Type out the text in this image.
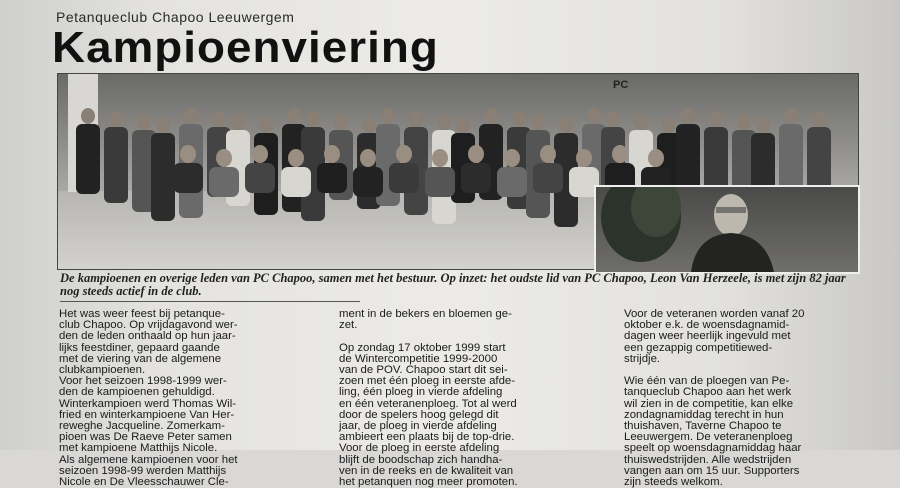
Petanqueclub Chapoo Leeuwergem
Kampioenviering
PC
De kampioenen en overige leden van PC Chapoo, samen met het bestuur. Op inzet: het oudste lid van PC Chapoo, Leon Van Herzeele, is met zijn 82 jaar nog steeds actief in de club.
Het was weer feest bij petanque-
club Chapoo. Op vrijdagavond wer-
den de leden onthaald op hun jaar-
lijks feestdiner, gepaard gaande
met de viering van de algemene
clubkampioenen.
Voor het seizoen 1998-1999 wer-
den de kampioenen gehuldigd.
Winterkampioen werd Thomas Wil-
fried en winterkampioene Van Her-
reweghe Jacqueline. Zomerkam-
pioen was De Raeve Peter samen
met kampioene Matthijs Nicole.
Als algemene kampioenen voor het
seizoen 1998-99 werden Matthijs
Nicole en De Vleesschauwer Cle-
ment in de bekers en bloemen ge-
zet.

Op zondag 17 oktober 1999 start
de Wintercompetitie 1999-2000
van de POV. Chapoo start dit sei-
zoen met één ploeg in eerste afde-
ling, één ploeg in vierde afdeling
en één veteranenploeg. Tot al werd
door de spelers hoog gelegd dit
jaar, de ploeg in vierde afdeling
ambieert een plaats bij de top-drie.
Voor de ploeg in eerste afdeling
blijft de boodschap zich handha-
ven in de reeks en de kwaliteit van
het petanquen nog meer promoten.
Voor de veteranen worden vanaf 20
oktober e.k. de woensdagnamid-
dagen weer heerlijk ingevuld met
een gezappig competitiewed-
strijdje.

Wie één van de ploegen van Pe-
tanqueclub Chapoo aan het werk
wil zien in de competitie, kan elke
zondagnamiddag terecht in hun
thuishaven, Taverne Chapoo te
Leeuwergem. De veteranenploeg
speelt op woensdagnamiddag haar
thuiswedstrijden. Alle wedstrijden
vangen aan om 15 uur. Supporters
zijn steeds welkom.
